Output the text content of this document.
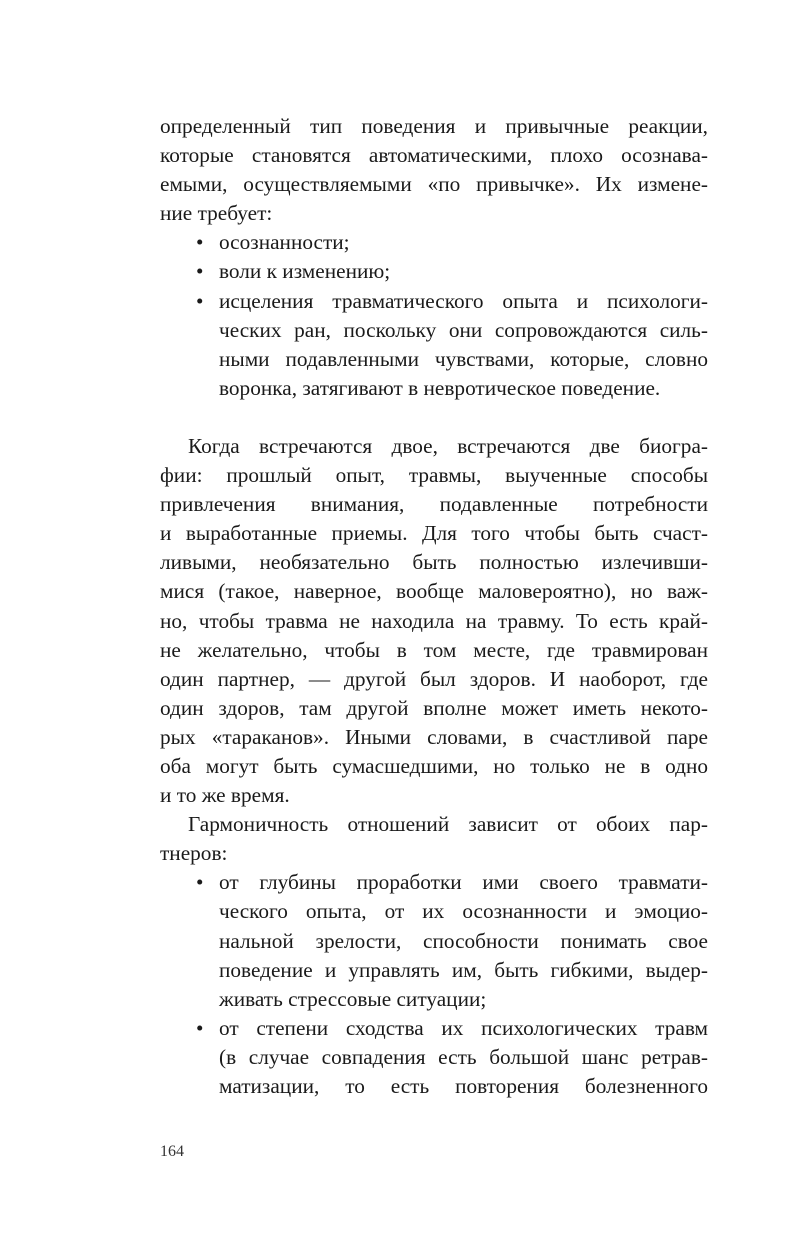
определенный тип поведения и привычные реакции,
которые становятся автоматическими, плохо осознава-
емыми, осуществляемыми «по привычке». Их измене-
ние требует:
• осознанности;
• воли к изменению;
• исцеления травматического опыта и психологи-
ческих ран, поскольку они сопровождаются силь-
ными подавленными чувствами, которые, словно
воронка, затягивают в невротическое поведение.
Когда встречаются двое, встречаются две биогра-
фии: прошлый опыт, травмы, выученные способы
привлечения внимания, подавленные потребности
и выработанные приемы. Для того чтобы быть счаст-
ливыми, необязательно быть полностью излечивши-
мися (такое, наверное, вообще маловероятно), но важ-
но, чтобы травма не находила на травму. То есть край-
не желательно, чтобы в том месте, где травмирован
один партнер, — другой был здоров. И наоборот, где
один здоров, там другой вполне может иметь некото-
рых «тараканов». Иными словами, в счастливой паре
оба могут быть сумасшедшими, но только не в одно
и то же время.
Гармоничность отношений зависит от обоих пар-
тнеров:
• от глубины проработки ими своего травмати-
ческого опыта, от их осознанности и эмоцио-
нальной зрелости, способности понимать свое
поведение и управлять им, быть гибкими, выдер-
живать стрессовые ситуации;
• от степени сходства их психологических травм
(в случае совпадения есть большой шанс ретрав-
матизации, то есть повторения болезненного
164
